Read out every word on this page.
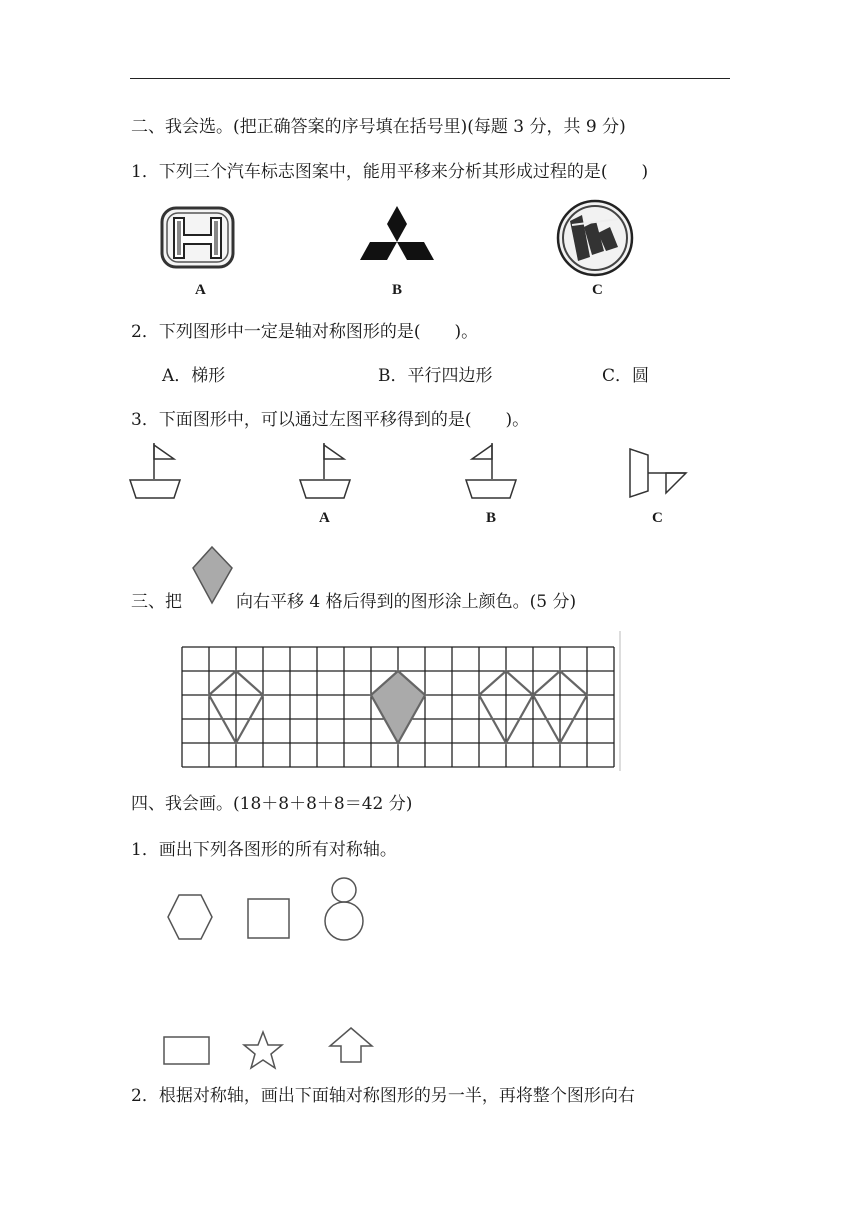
二、我会选。(把正确答案的序号填在括号里)(每题 3 分，共 9 分)
1．下列三个汽车标志图案中，能用平移来分析其形成过程的是(　　)
A	B	C
2．下列图形中一定是轴对称图形的是(　　)。
A．梯形	B．平行四边形	C．圆
3．下面图形中，可以通过左图平移得到的是(　　)。
A	B	C
三、把	向右平移 4 格后得到的图形涂上颜色。(5 分)
四、我会画。(18＋8＋8＋8＝42 分)
1．画出下列各图形的所有对称轴。
2．根据对称轴，画出下面轴对称图形的另一半，再将整个图形向右
